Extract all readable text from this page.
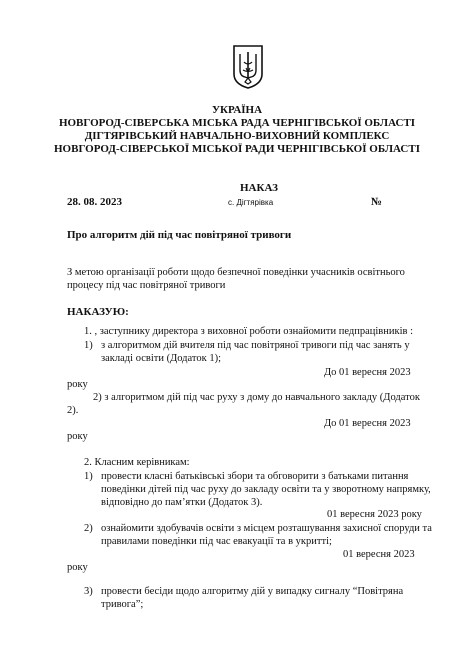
УКРАЇНА
НОВГОРОД-СІВЕРСЬКА МІСЬКА РАДА ЧЕРНІГІВСЬКОЇ ОБЛАСТІ
ДІГТЯРІВСЬКИЙ НАВЧАЛЬНО-ВИХОВНИЙ КОМПЛЕКС
НОВГОРОД-СІВЕРСЬКОЇ МІСЬКОЇ РАДИ ЧЕРНІГІВСЬКОЇ ОБЛАСТІ
НАКАЗ
28. 08. 2023	с. Дігтярівка	№
Про алгоритм дій під час повітряної тривоги
З метою організації роботи щодо безпечної поведінки учасників освітнього
процесу під час повітряної тривоги
НАКАЗУЮ:
1. , заступнику директора з виховної роботи ознайомити педпрацівників :
1) з алгоритмом дій вчителя під час повітряної тривоги під час занять у
закладі освіти (Додаток 1);
До 01 вересня 2023
року
2) з алгоритмом дій під час руху з дому до навчального закладу (Додаток
2).
До 01 вересня 2023
року
2. Класним керівникам:
1) провести класні батьківські збори та обговорити з батьками питання
поведінки дітей під час руху до закладу освіти та у зворотному напрямку,
відповідно до пам’ятки (Додаток 3).
01 вересня 2023 року
2) ознайомити здобувачів освіти з місцем розташування захисної споруди та
правилами поведінки під час евакуації та в укритті;
01 вересня 2023
року
3) провести бесіди щодо алгоритму дій у випадку сигналу “Повітряна
тривога”;
